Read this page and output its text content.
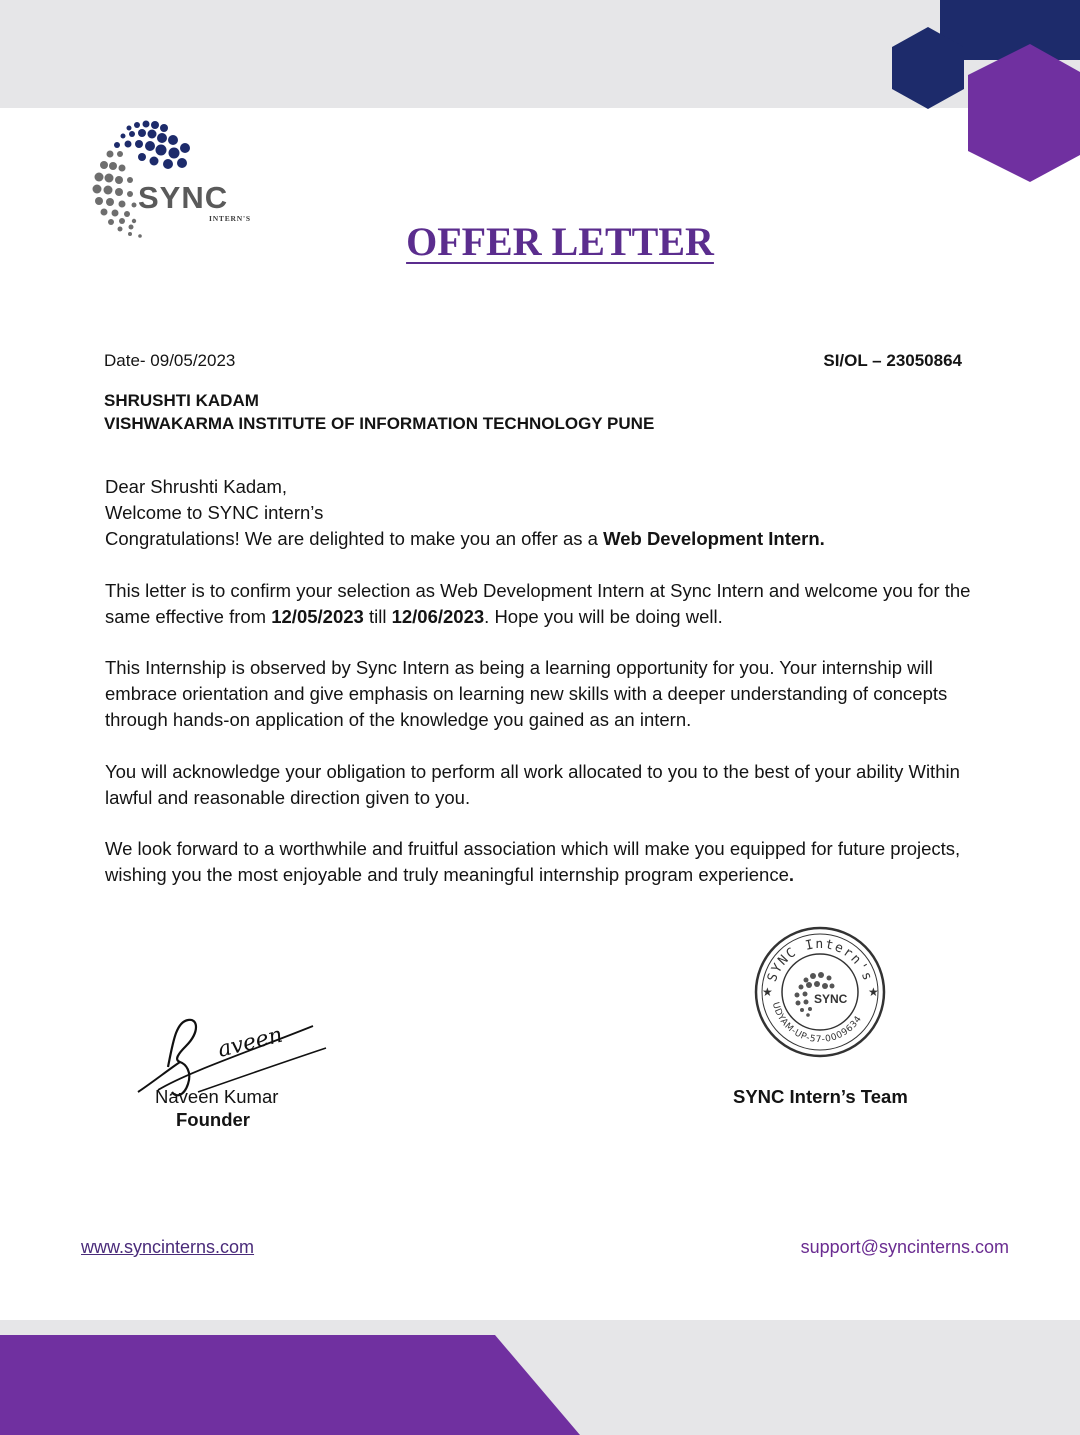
SYNC
INTERN'S
OFFER LETTER
Date- 09/05/2023	SI/OL – 23050864
SHRUSHTI KADAM
VISHWAKARMA INSTITUTE OF INFORMATION TECHNOLOGY PUNE

Dear Shrushti Kadam,
Welcome to SYNC intern’s
Congratulations! We are delighted to make you an offer as a Web Development Intern.

This letter is to confirm your selection as Web Development Intern at Sync Intern and welcome you for the same effective from 12/05/2023 till 12/06/2023. Hope you will be doing well.

This Internship is observed by Sync Intern as being a learning opportunity for you. Your internship will embrace orientation and give emphasis on learning new skills with a deeper understanding of concepts through hands-on application of the knowledge you gained as an intern.

You will acknowledge your obligation to perform all work allocated to you to the best of your ability Within lawful and reasonable direction given to you.

We look forward to a worthwhile and fruitful association which will make you equipped for future projects, wishing you the most enjoyable and truly meaningful internship program experience.

aveen
Naveen Kumar
Founder
SYNC Intern's
UDYAM-UP-57-0009634
★	★
SYNC
SYNC Intern’s Team
www.syncinterns.com	support@syncinterns.com
